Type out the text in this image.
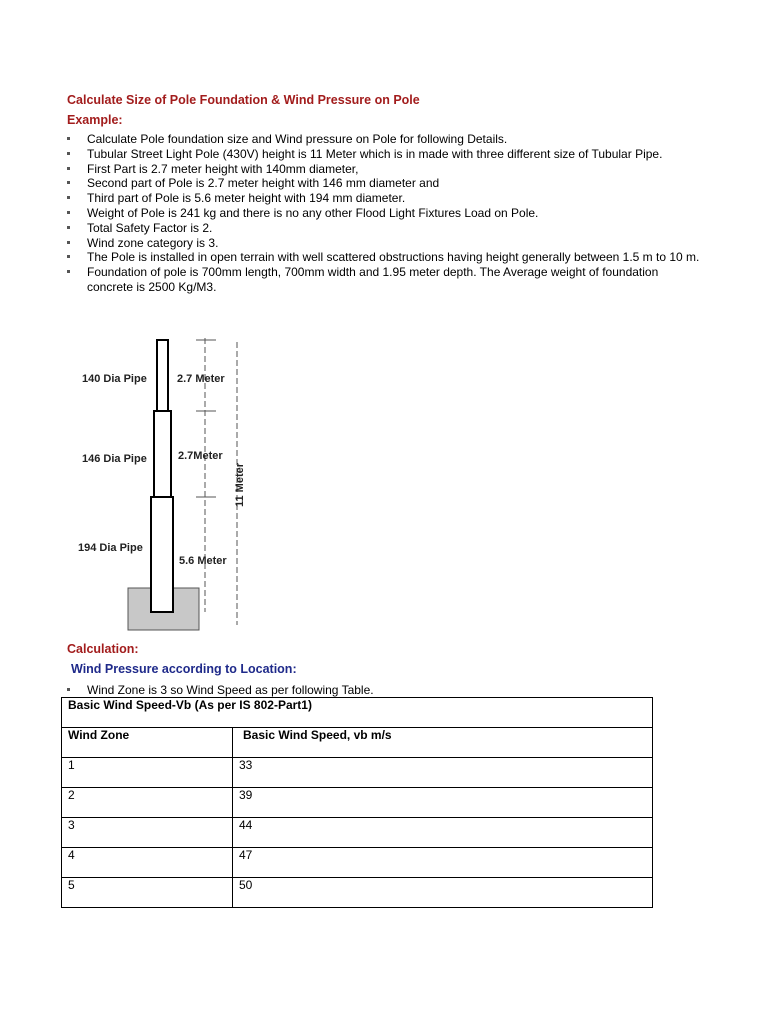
Calculate Size of Pole Foundation & Wind Pressure on Pole
Example:
Calculate Pole foundation size and Wind pressure on Pole for following Details.
Tubular Street Light Pole (430V) height is 11 Meter which is in made with three different size of Tubular Pipe.
First Part is 2.7 meter height with 140mm diameter,
Second part of Pole is 2.7 meter height with 146 mm diameter and
Third part of Pole is 5.6 meter height with 194 mm diameter.
Weight of Pole is 241 kg and there is no any other Flood Light Fixtures Load on Pole.
Total Safety Factor is 2.
Wind zone category is 3.
The Pole is installed in open terrain with well scattered obstructions having height generally between 1.5 m to 10 m.
Foundation of pole is 700mm length, 700mm width and 1.95 meter depth. The Average weight of foundation concrete is 2500 Kg/M3.
140 Dia Pipe
146 Dia Pipe
194 Dia Pipe
2.7 Meter
2.7Meter
5.6 Meter
11 Meter
Calculation:
Wind Pressure according to Location:
Wind Zone is 3 so Wind Speed as per following Table.
Basic Wind Speed-Vb (As per IS 802-Part1)	
Wind Zone	Basic Wind Speed, vb m/s
1	33
2	39
3	44
4	47
5	50
